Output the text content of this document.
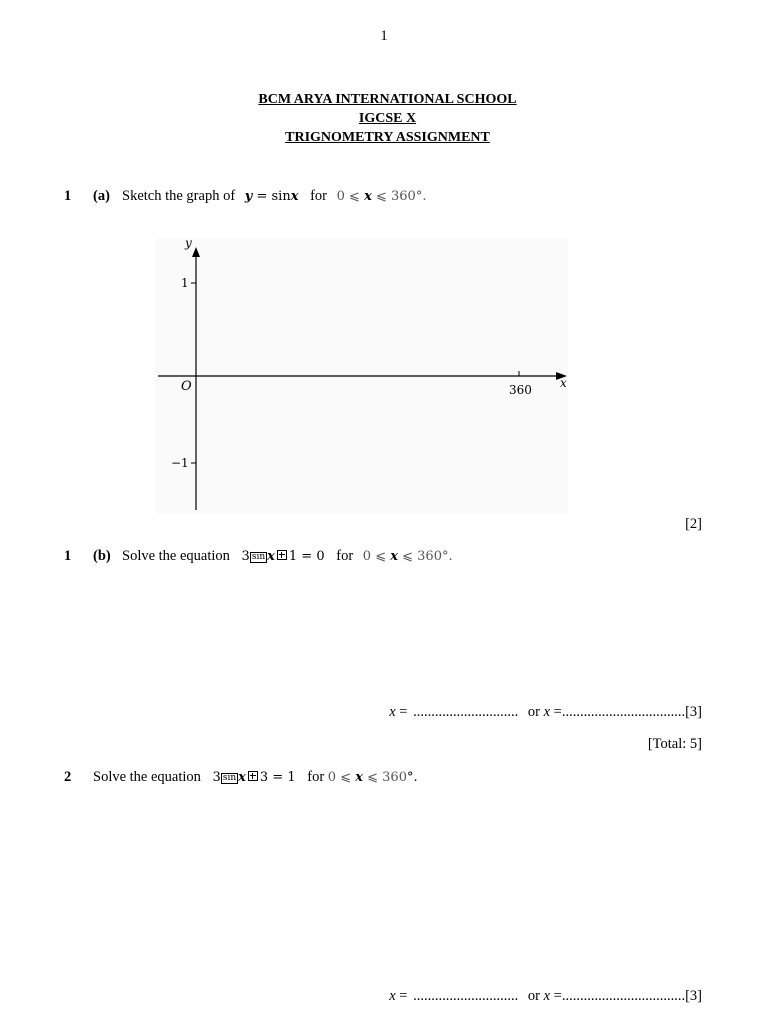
1
BCM ARYA INTERNATIONAL SCHOOL
IGCSE X
TRIGNOMETRY ASSIGNMENT
1 (a) Sketch the graph of y = sinx for 0 ⩽ x ⩽ 360°.
y
x
O
1
−1
360
[2]
1 (b) Solve the equation 3 sin x 1 = 0 for 0 ⩽ x ⩽ 360°.
x = ............................. or x =..................................[3]
[Total: 5]
2 Solve the equation 3 sin x 3 = 1 for 0 ⩽ x ⩽ 360°.
x = ............................. or x =..................................[3]
